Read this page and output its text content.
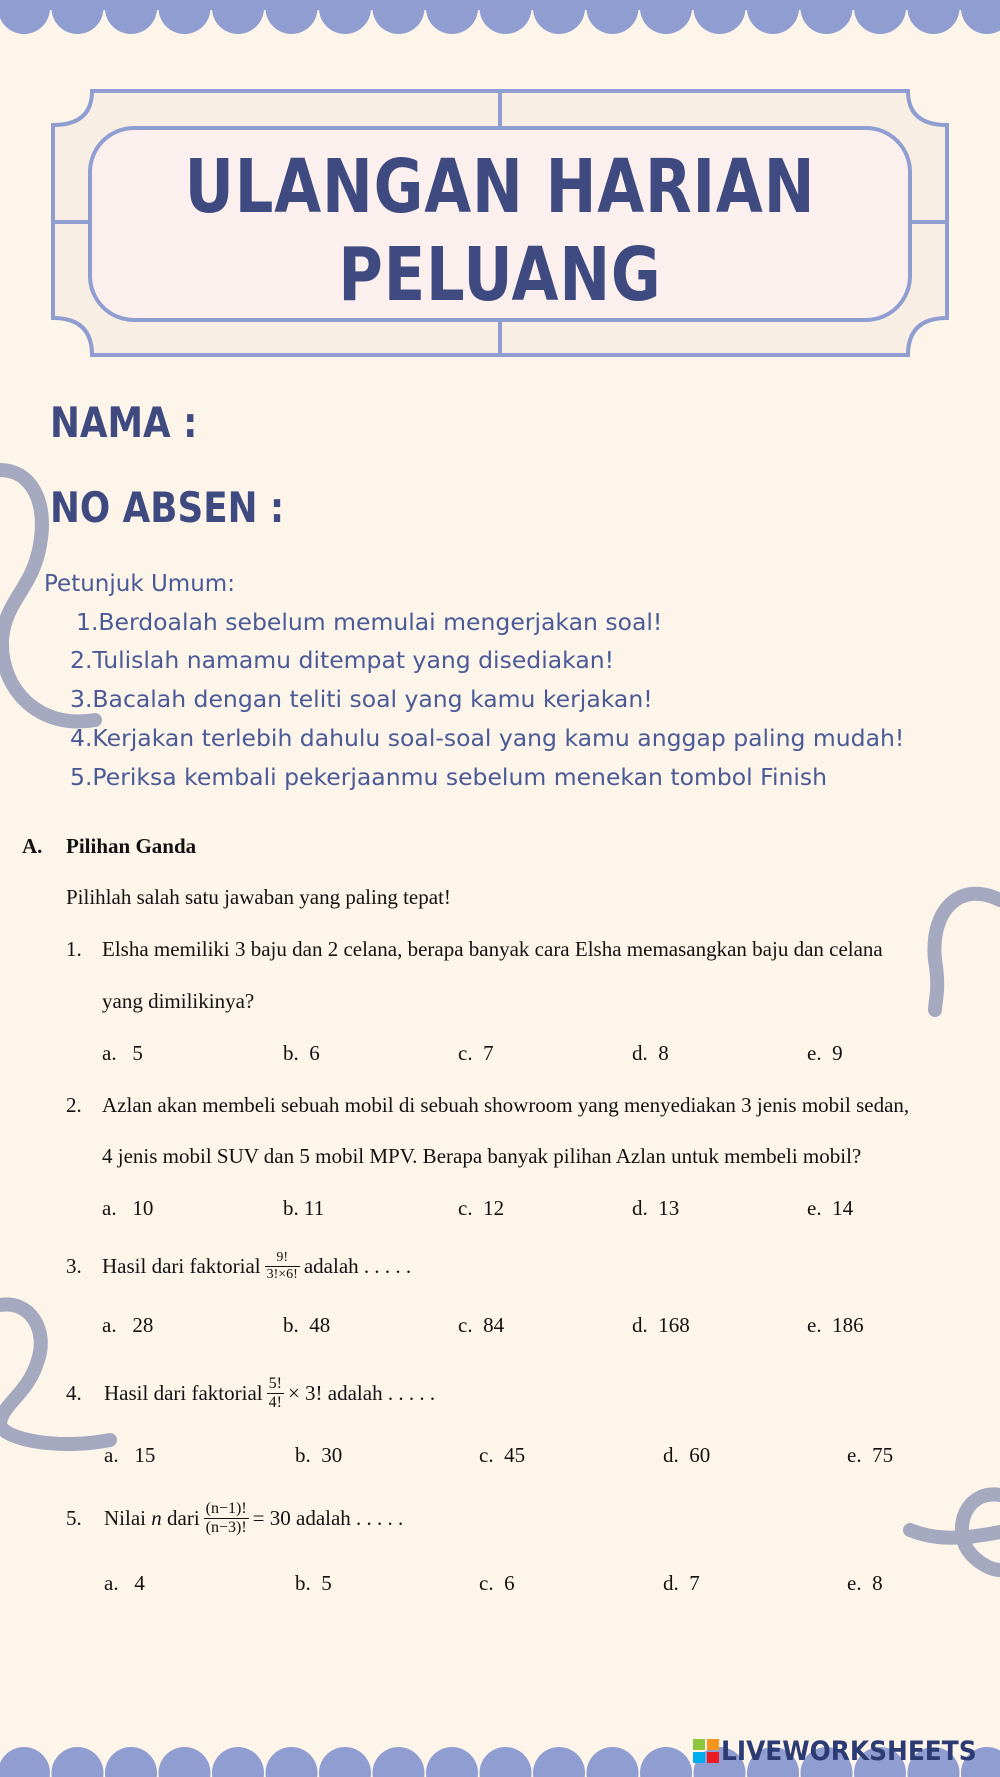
ULANGAN HARIAN
PELUANG
NAMA :
NO ABSEN :
Petunjuk Umum:
1.Berdoalah sebelum memulai mengerjakan soal!
2.Tulislah namamu ditempat yang disediakan!
3.Bacalah dengan teliti soal yang kamu kerjakan!
4.Kerjakan terlebih dahulu soal-soal yang kamu anggap paling mudah!
5.Periksa kembali pekerjaanmu sebelum menekan tombol Finish
A. Pilihan Ganda
Pilihlah salah satu jawaban yang paling tepat!
1. Elsha memiliki 3 baju dan 2 celana, berapa banyak cara Elsha memasangkan baju dan celana
yang dimilikinya?
a. 5	b. 6	c. 7	d. 8	e. 9
2. Azlan akan membeli sebuah mobil di sebuah showroom yang menyediakan 3 jenis mobil sedan,
4 jenis mobil SUV dan 5 mobil MPV. Berapa banyak pilihan Azlan untuk membeli mobil?
a. 10	b. 11	c. 12	d. 13	e. 14
3. Hasil dari faktorial $\frac{9!}{3!\times 6!}$ adalah . . . . .
a. 28	b. 48	c. 84	d. 168	e. 186
4. Hasil dari faktorial $\frac{5!}{4!} \times 3$! adalah . . . . .
a. 15	b. 30	c. 45	d. 60	e. 75
5. Nilai
n
dari $\frac{(n-1)!}{(n-3)!} = 30$ adalah . . . . .
a. 4	b. 5	c. 6	d. 7	e. 8
LIVEWORKSHEETS
